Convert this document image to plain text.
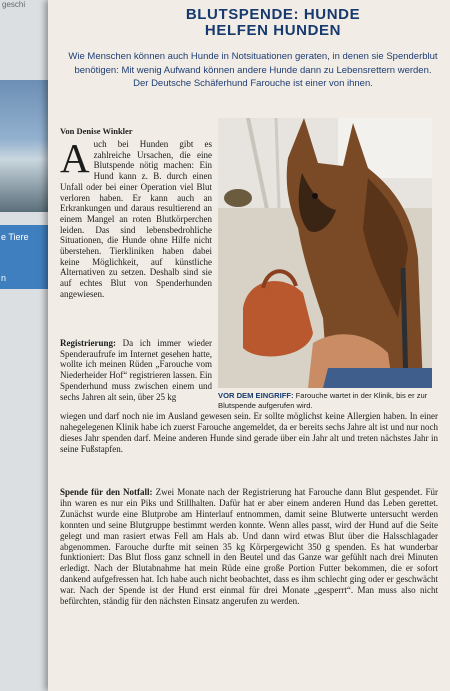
geschi
e Tiere
n
BLUTSPENDE: HUNDE
HELFEN HUNDEN
Wie Menschen können auch Hunde in Notsituationen geraten, in denen sie Spenderblut benötigen: Mit wenig Aufwand können andere Hunde dann zu Lebensrettern werden. Der Deutsche Schäferhund Farouche ist einer von ihnen.
Von Denise Winkler
Auch bei Hunden gibt es zahlreiche Ursachen, die eine Blutspende nötig machen: Ein Hund kann z. B. durch einen Unfall oder bei einer Operation viel Blut verloren haben. Er kann auch an Erkrankungen und daraus resultierend an einem Mangel an roten Blutkörperchen leiden. Das sind lebensbedrohliche Situationen, die Hunde ohne Hilfe nicht überstehen. Tierkliniken haben dabei keine Möglichkeit, auf künstliche Alternativen zu setzen. Deshalb sind sie auf echtes Blut von Spenderhunden angewiesen.
Registrierung: Da ich immer wieder Spenderaufrufe im Internet gesehen hatte, wollte ich meinen Rüden „Farouche vom Niederheider Hof“ registrieren lassen. Ein Spenderhund muss zwischen einem und sechs Jahren alt sein, über 25 kg	VOR DEM EINGRIFF: Farouche wartet in der Klinik, bis er zur Blutspende aufgerufen wird.
wiegen und darf noch nie im Ausland gewesen sein. Er sollte möglichst keine Allergien haben. In einer nahegelegenen Klinik habe ich zuerst Farouche angemeldet, da er bereits sechs Jahre alt ist und nur noch dieses Jahr spenden darf. Meine anderen Hunde sind gerade über ein Jahr alt und treten nächstes Jahr in seine Fußstapfen.
Spende für den Notfall: Zwei Monate nach der Registrierung hat Farouche dann Blut gespendet. Für ihn waren es nur ein Piks und Stillhalten. Dafür hat er aber einem anderen Hund das Leben gerettet. Zunächst wurde eine Blutprobe am Hinterlauf entnommen, damit seine Blutwerte untersucht werden konnten und seine Blutgruppe bestimmt werden konnte. Wenn alles passt, wird der Hund auf die Seite gelegt und man rasiert etwas Fell am Hals ab. Und dann wird etwas Blut über die Halsschlagader abgenommen. Farouche durfte mit seinen 35 kg Körpergewicht 350 g spenden. Es hat wunderbar funktioniert: Das Blut floss ganz schnell in den Beutel und das Ganze war gefühlt nach drei Minuten erledigt. Nach der Blutabnahme hat mein Rüde eine große Portion Futter bekommen, die er sofort dankend aufgefressen hat. Ich habe auch nicht beobachtet, dass es ihm schlecht ging oder er geschwächt war. Nach der Spende ist der Hund erst einmal für drei Monate „gesperrt“. Man muss also nicht befürchten, ständig für den nächsten Einsatz angerufen zu werden.
